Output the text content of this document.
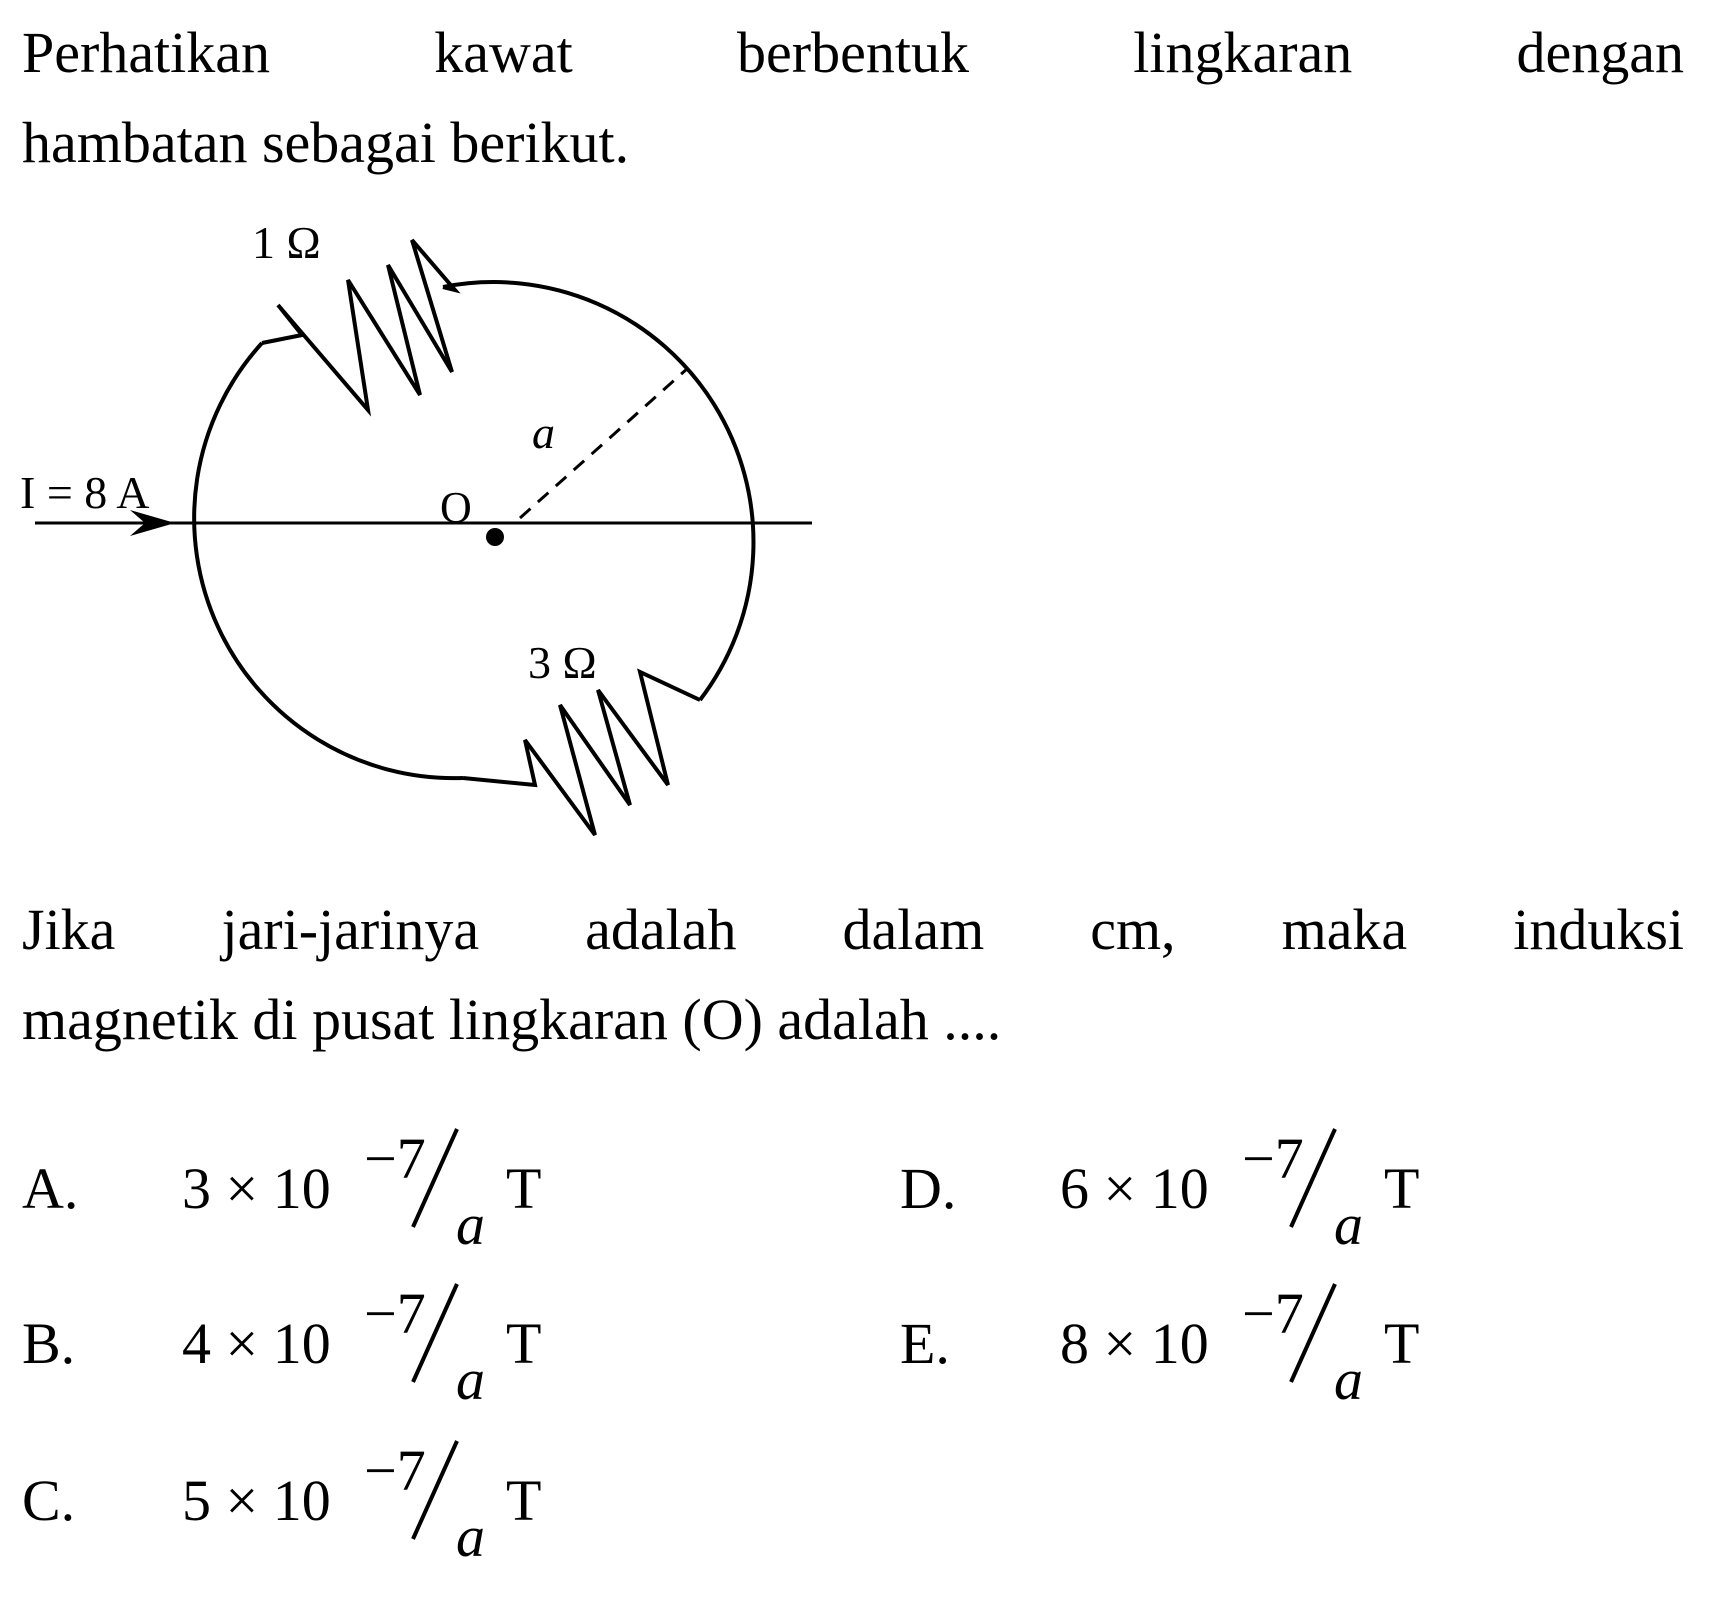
Perhatikan kawat berbentuk lingkaran dengan
hambatan sebagai berikut.
1 Ω
3 Ω
I = 8 A	O
a
Jika jari-jarinya adalah dalam cm, maka induksi
magnetik di pusat lingkaran (O) adalah ....
A. 3 × 10 −7
a
T
B. 4 × 10 −7
a
T
C. 5 × 10 −7
a
T
D. 6 × 10 −7
a
T
E. 8 × 10 −7
a
T
